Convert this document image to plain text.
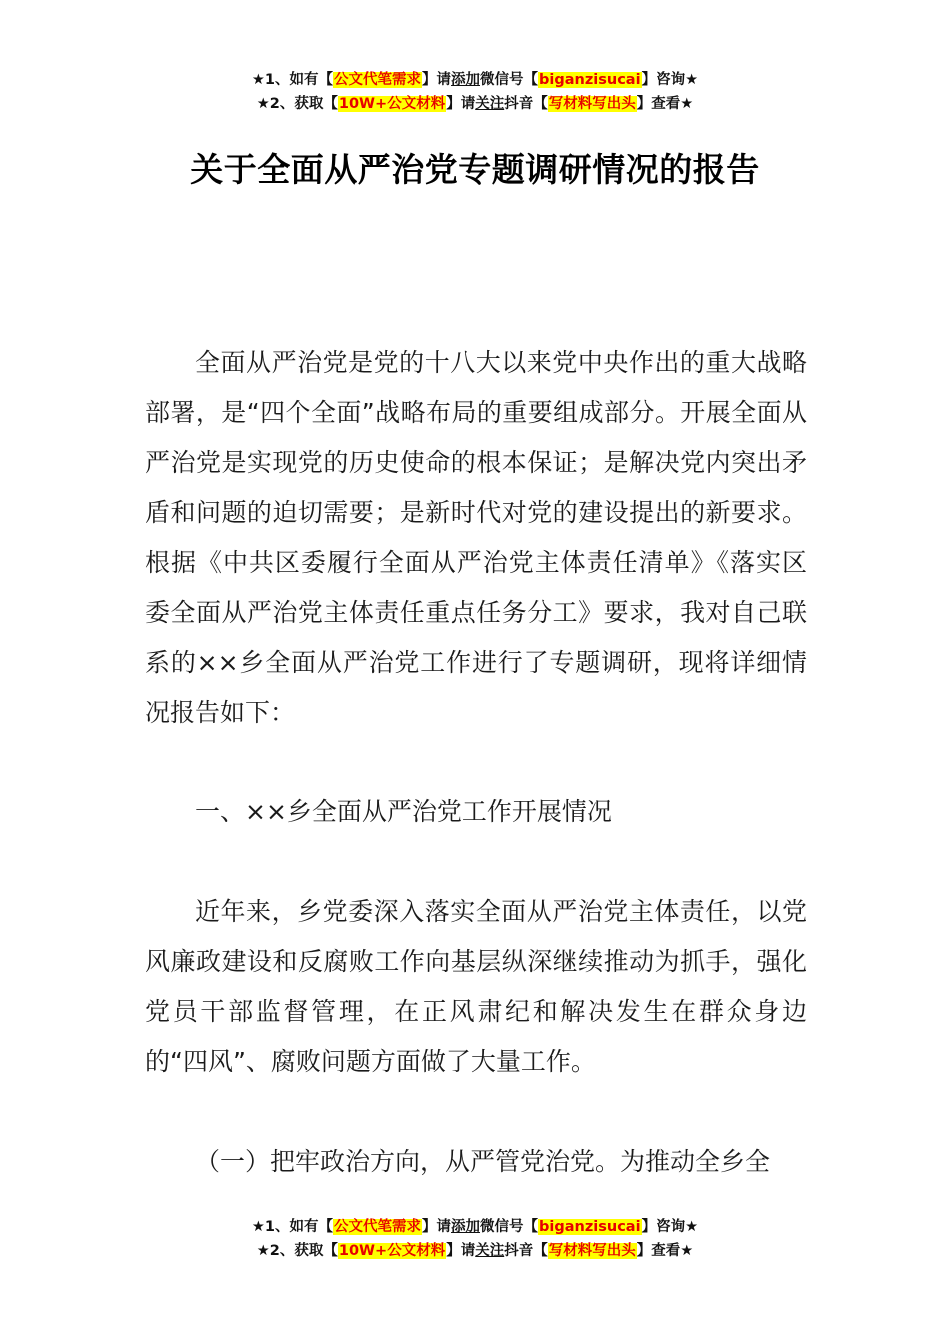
★1、如有【公文代笔需求】请添加微信号【biganzisucai】咨询★
★2、获取【10W+公文材料】请关注抖音【写材料写出头】查看★
关于全面从严治党专题调研情况的报告

全面从严治党是党的十八大以来党中央作出的重大战略部署，是“四个全面”战略布局的重要组成部分。开展全面从严治党是实现党的历史使命的根本保证；是解决党内突出矛盾和问题的迫切需要；是新时代对党的建设提出的新要求。根据《中共区委履行全面从严治党主体责任清单》《落实区委全面从严治党主体责任重点任务分工》要求，我对自己联系的××乡全面从严治党工作进行了专题调研，现将详细情况报告如下：

一、××乡全面从严治党工作开展情况

近年来，乡党委深入落实全面从严治党主体责任，以党风廉政建设和反腐败工作向基层纵深继续推动为抓手，强化党员干部监督管理，在正风肃纪和解决发生在群众身边的“四风”、腐败问题方面做了大量工作。

（一）把牢政治方向，从严管党治党。为推动全乡全

★1、如有【公文代笔需求】请添加微信号【biganzisucai】咨询★
★2、获取【10W+公文材料】请关注抖音【写材料写出头】查看★
